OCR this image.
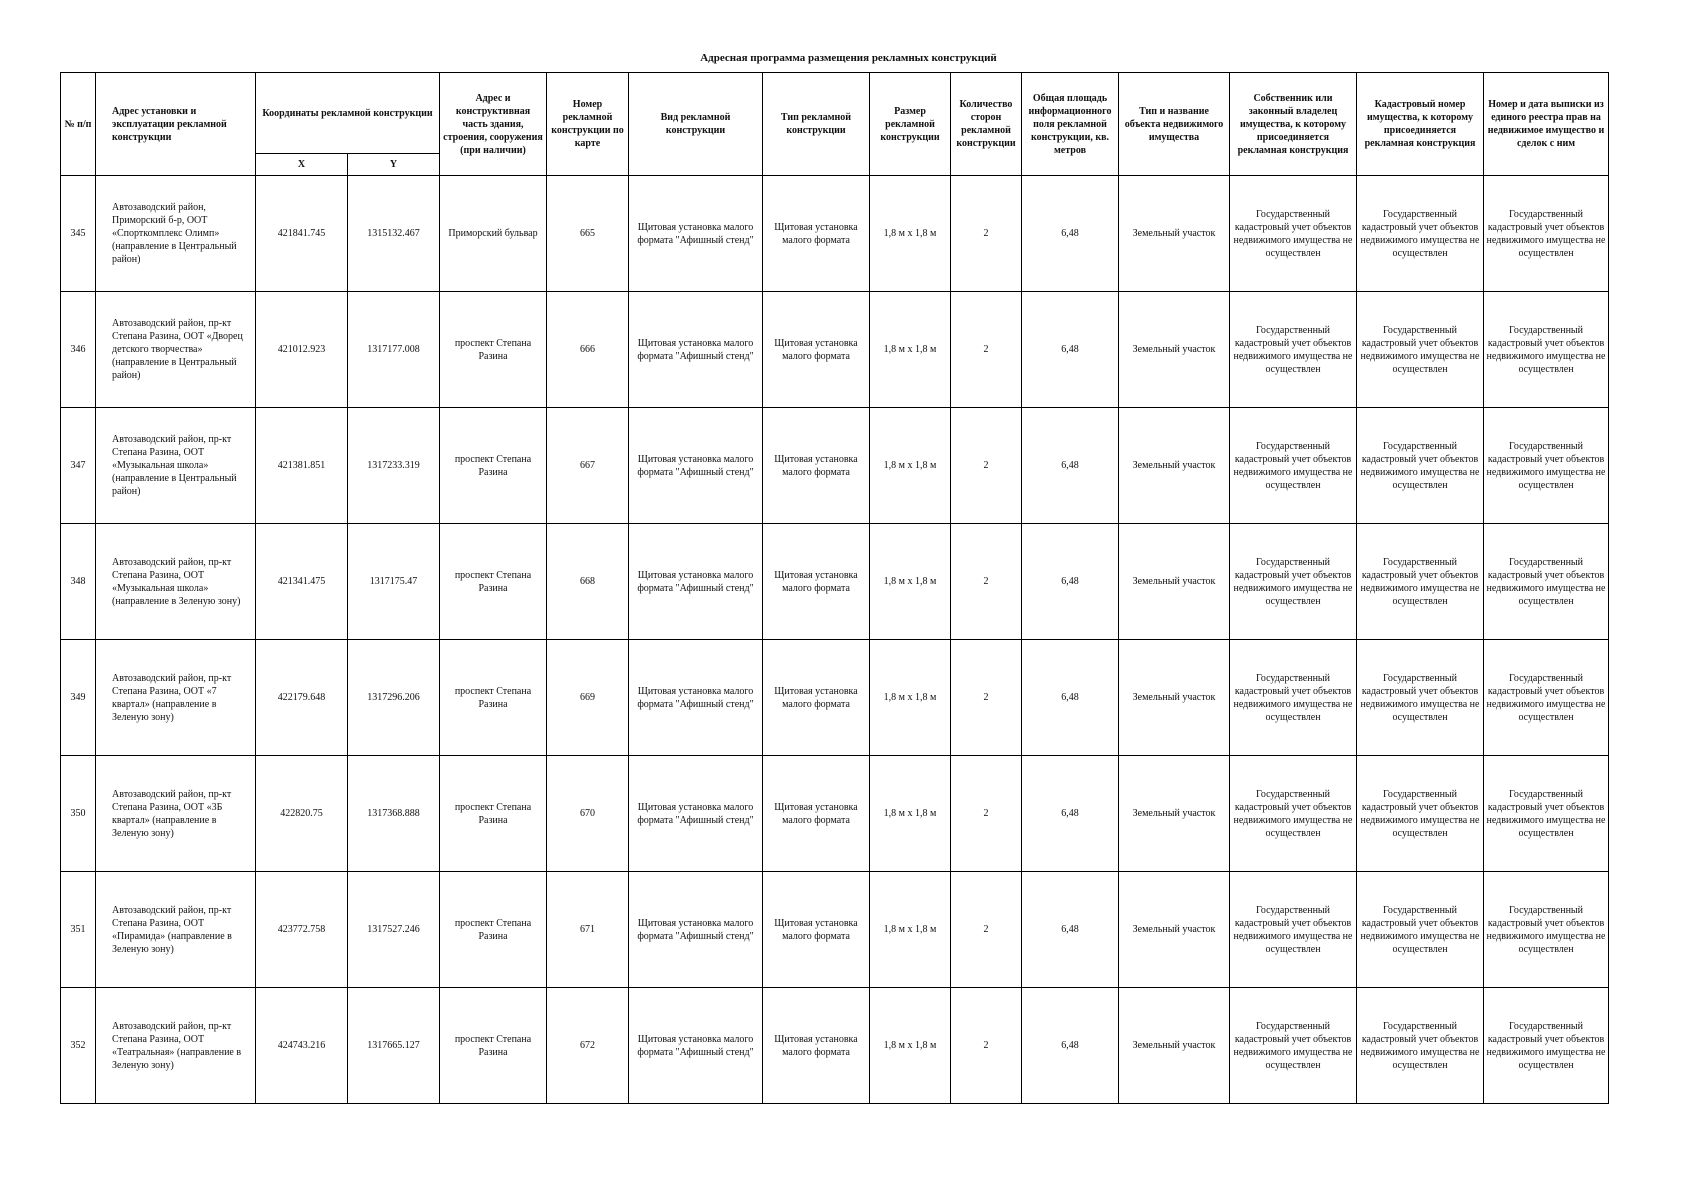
Адресная программа размещения рекламных конструкций
№ п/п	Адрес установки и эксплуатации рекламной конструкции	Координаты рекламной конструкции		Адрес и конструктивная часть здания, строения, сооружения (при наличии)	Номер рекламной конструкции по карте	Вид рекламной конструкции	Тип рекламной конструкции	Размер рекламной конструкции	Количество сторон рекламной конструкции	Общая площадь информационного поля рекламной конструкции, кв. метров	Тип и название объекта недвижимого имущества	Собственник или законный владелец имущества, к которому присоединяется рекламная конструкция	Кадастровый номер имущества, к которому присоединяется рекламная конструкция	Номер и дата выписки из единого реестра прав на недвижимое имущество и сделок с ним
		X	Y											
345	Автозаводский район, Приморский б-р, ООТ «Спорткомплекс Олимп» (направление в Центральный район)	421841.745	1315132.467	Приморский бульвар	665	Щитовая установка малого формата "Афишный стенд"	Щитовая установка малого формата	1,8 м х 1,8 м	2	6,48	Земельный участок	Государственный кадастровый учет объектов недвижимого имущества не осуществлен	Государственный кадастровый учет объектов недвижимого имущества не осуществлен	Государственный кадастровый учет объектов недвижимого имущества не осуществлен
346	Автозаводский район, пр-кт Степана Разина, ООТ «Дворец детского творчества» (направление в Центральный район)	421012.923	1317177.008	проспект Степана Разина	666	Щитовая установка малого формата "Афишный стенд"	Щитовая установка малого формата	1,8 м х 1,8 м	2	6,48	Земельный участок	Государственный кадастровый учет объектов недвижимого имущества не осуществлен	Государственный кадастровый учет объектов недвижимого имущества не осуществлен	Государственный кадастровый учет объектов недвижимого имущества не осуществлен
347	Автозаводский район, пр-кт Степана Разина, ООТ «Музыкальная школа» (направление в Центральный район)	421381.851	1317233.319	проспект Степана Разина	667	Щитовая установка малого формата "Афишный стенд"	Щитовая установка малого формата	1,8 м х 1,8 м	2	6,48	Земельный участок	Государственный кадастровый учет объектов недвижимого имущества не осуществлен	Государственный кадастровый учет объектов недвижимого имущества не осуществлен	Государственный кадастровый учет объектов недвижимого имущества не осуществлен
348	Автозаводский район, пр-кт Степана Разина, ООТ «Музыкальная школа» (направление в Зеленую зону)	421341.475	1317175.47	проспект Степана Разина	668	Щитовая установка малого формата "Афишный стенд"	Щитовая установка малого формата	1,8 м х 1,8 м	2	6,48	Земельный участок	Государственный кадастровый учет объектов недвижимого имущества не осуществлен	Государственный кадастровый учет объектов недвижимого имущества не осуществлен	Государственный кадастровый учет объектов недвижимого имущества не осуществлен
349	Автозаводский район, пр-кт Степана Разина, ООТ «7 квартал» (направление в Зеленую зону)	422179.648	1317296.206	проспект Степана Разина	669	Щитовая установка малого формата "Афишный стенд"	Щитовая установка малого формата	1,8 м х 1,8 м	2	6,48	Земельный участок	Государственный кадастровый учет объектов недвижимого имущества не осуществлен	Государственный кадастровый учет объектов недвижимого имущества не осуществлен	Государственный кадастровый учет объектов недвижимого имущества не осуществлен
350	Автозаводский район, пр-кт Степана Разина, ООТ «3Б квартал» (направление в Зеленую зону)	422820.75	1317368.888	проспект Степана Разина	670	Щитовая установка малого формата "Афишный стенд"	Щитовая установка малого формата	1,8 м х 1,8 м	2	6,48	Земельный участок	Государственный кадастровый учет объектов недвижимого имущества не осуществлен	Государственный кадастровый учет объектов недвижимого имущества не осуществлен	Государственный кадастровый учет объектов недвижимого имущества не осуществлен
351	Автозаводский район, пр-кт Степана Разина, ООТ «Пирамида» (направление в Зеленую зону)	423772.758	1317527.246	проспект Степана Разина	671	Щитовая установка малого формата "Афишный стенд"	Щитовая установка малого формата	1,8 м х 1,8 м	2	6,48	Земельный участок	Государственный кадастровый учет объектов недвижимого имущества не осуществлен	Государственный кадастровый учет объектов недвижимого имущества не осуществлен	Государственный кадастровый учет объектов недвижимого имущества не осуществлен
352	Автозаводский район, пр-кт Степана Разина, ООТ «Театральная» (направление в Зеленую зону)	424743.216	1317665.127	проспект Степана Разина	672	Щитовая установка малого формата "Афишный стенд"	Щитовая установка малого формата	1,8 м х 1,8 м	2	6,48	Земельный участок	Государственный кадастровый учет объектов недвижимого имущества не осуществлен	Государственный кадастровый учет объектов недвижимого имущества не осуществлен	Государственный кадастровый учет объектов недвижимого имущества не осуществлен
